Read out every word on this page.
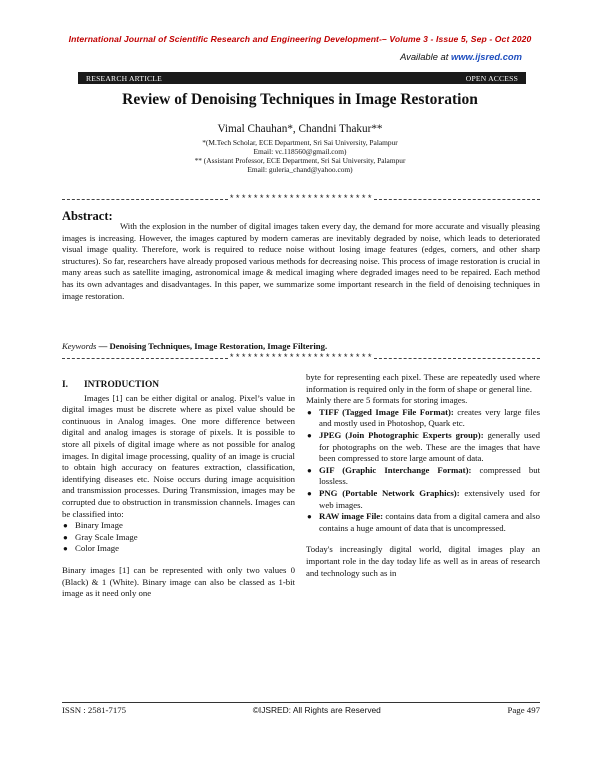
International Journal of Scientific Research and Engineering Development-– Volume 3 - Issue 5, Sep - Oct 2020
Available at www.ijsred.com
RESEARCH ARTICLE	OPEN ACCESS
Review of Denoising Techniques in Image Restoration
Vimal Chauhan*, Chandni Thakur**
*(M.Tech Scholar, ECE Department, Sri Sai University, Palampur
Email: vc.118560@gmail.com)
** (Assistant Professor, ECE Department, Sri Sai University, Palampur
Email: guleria_chand@yahoo.com)
************************
Abstract:
With the explosion in the number of digital images taken every day, the demand for more accurate and visually pleasing images is increasing. However, the images captured by modern cameras are inevitably degraded by noise, which leads to deteriorated visual image quality. Therefore, work is required to reduce noise without losing image features (edges, corners, and other sharp structures). So far, researchers have already proposed various methods for decreasing noise. This process of image restoration is crucial in many areas such as satellite imaging, astronomical image & medical imaging where degraded images need to be repaired. Each method has its own advantages and disadvantages. In this paper, we summarize some important research in the field of denoising techniques in image restoration.
Keywords — Denoising Techniques, Image Restoration, Image Filtering.
************************
I. INTRODUCTION

Images [1] can be either digital or analog. Pixel’s value in digital images must be discrete where as pixel value should be continuous in Analog images. One more difference between digital and analog images is storage of pixels. It is possible to store all pixels of digital image where as not possible for analog images. In digital image processing, quality of an image is crucial to obtain high accuracy on features extraction, classification, identifying diseases etc. Noise occurs during image acquisition and transmission processes. During Transmission, images may be corrupted due to obstruction in transmission channels. Images can be classified into:

● Binary Image
● Gray Scale Image
● Color Image

Binary images [1] can be represented with only two values 0 (Black) & 1 (White). Binary image can also be classed as 1-bit image as it need only one

byte for representing each pixel. These are repeatedly used where information is required only in the form of shape or general line.

Mainly there are 5 formats for storing images.

● TIFF (Tagged Image File Format): creates very large files and mostly used in Photoshop, Quark etc.
● JPEG (Join Photographic Experts group): generally used for photographs on the web. These are the images that have been compressed to store large amount of data.
● GIF (Graphic Interchange Format): compressed but lossless.
● PNG (Portable Network Graphics): extensively used for web images.
● RAW image File: contains data from a digital camera and also contains a huge amount of data that is uncompressed.

Today's increasingly digital world, digital images play an important role in the day today life as well as in areas of research and technology such as in

ISSN : 2581-7175	©IJSRED: All Rights are Reserved	Page 497
